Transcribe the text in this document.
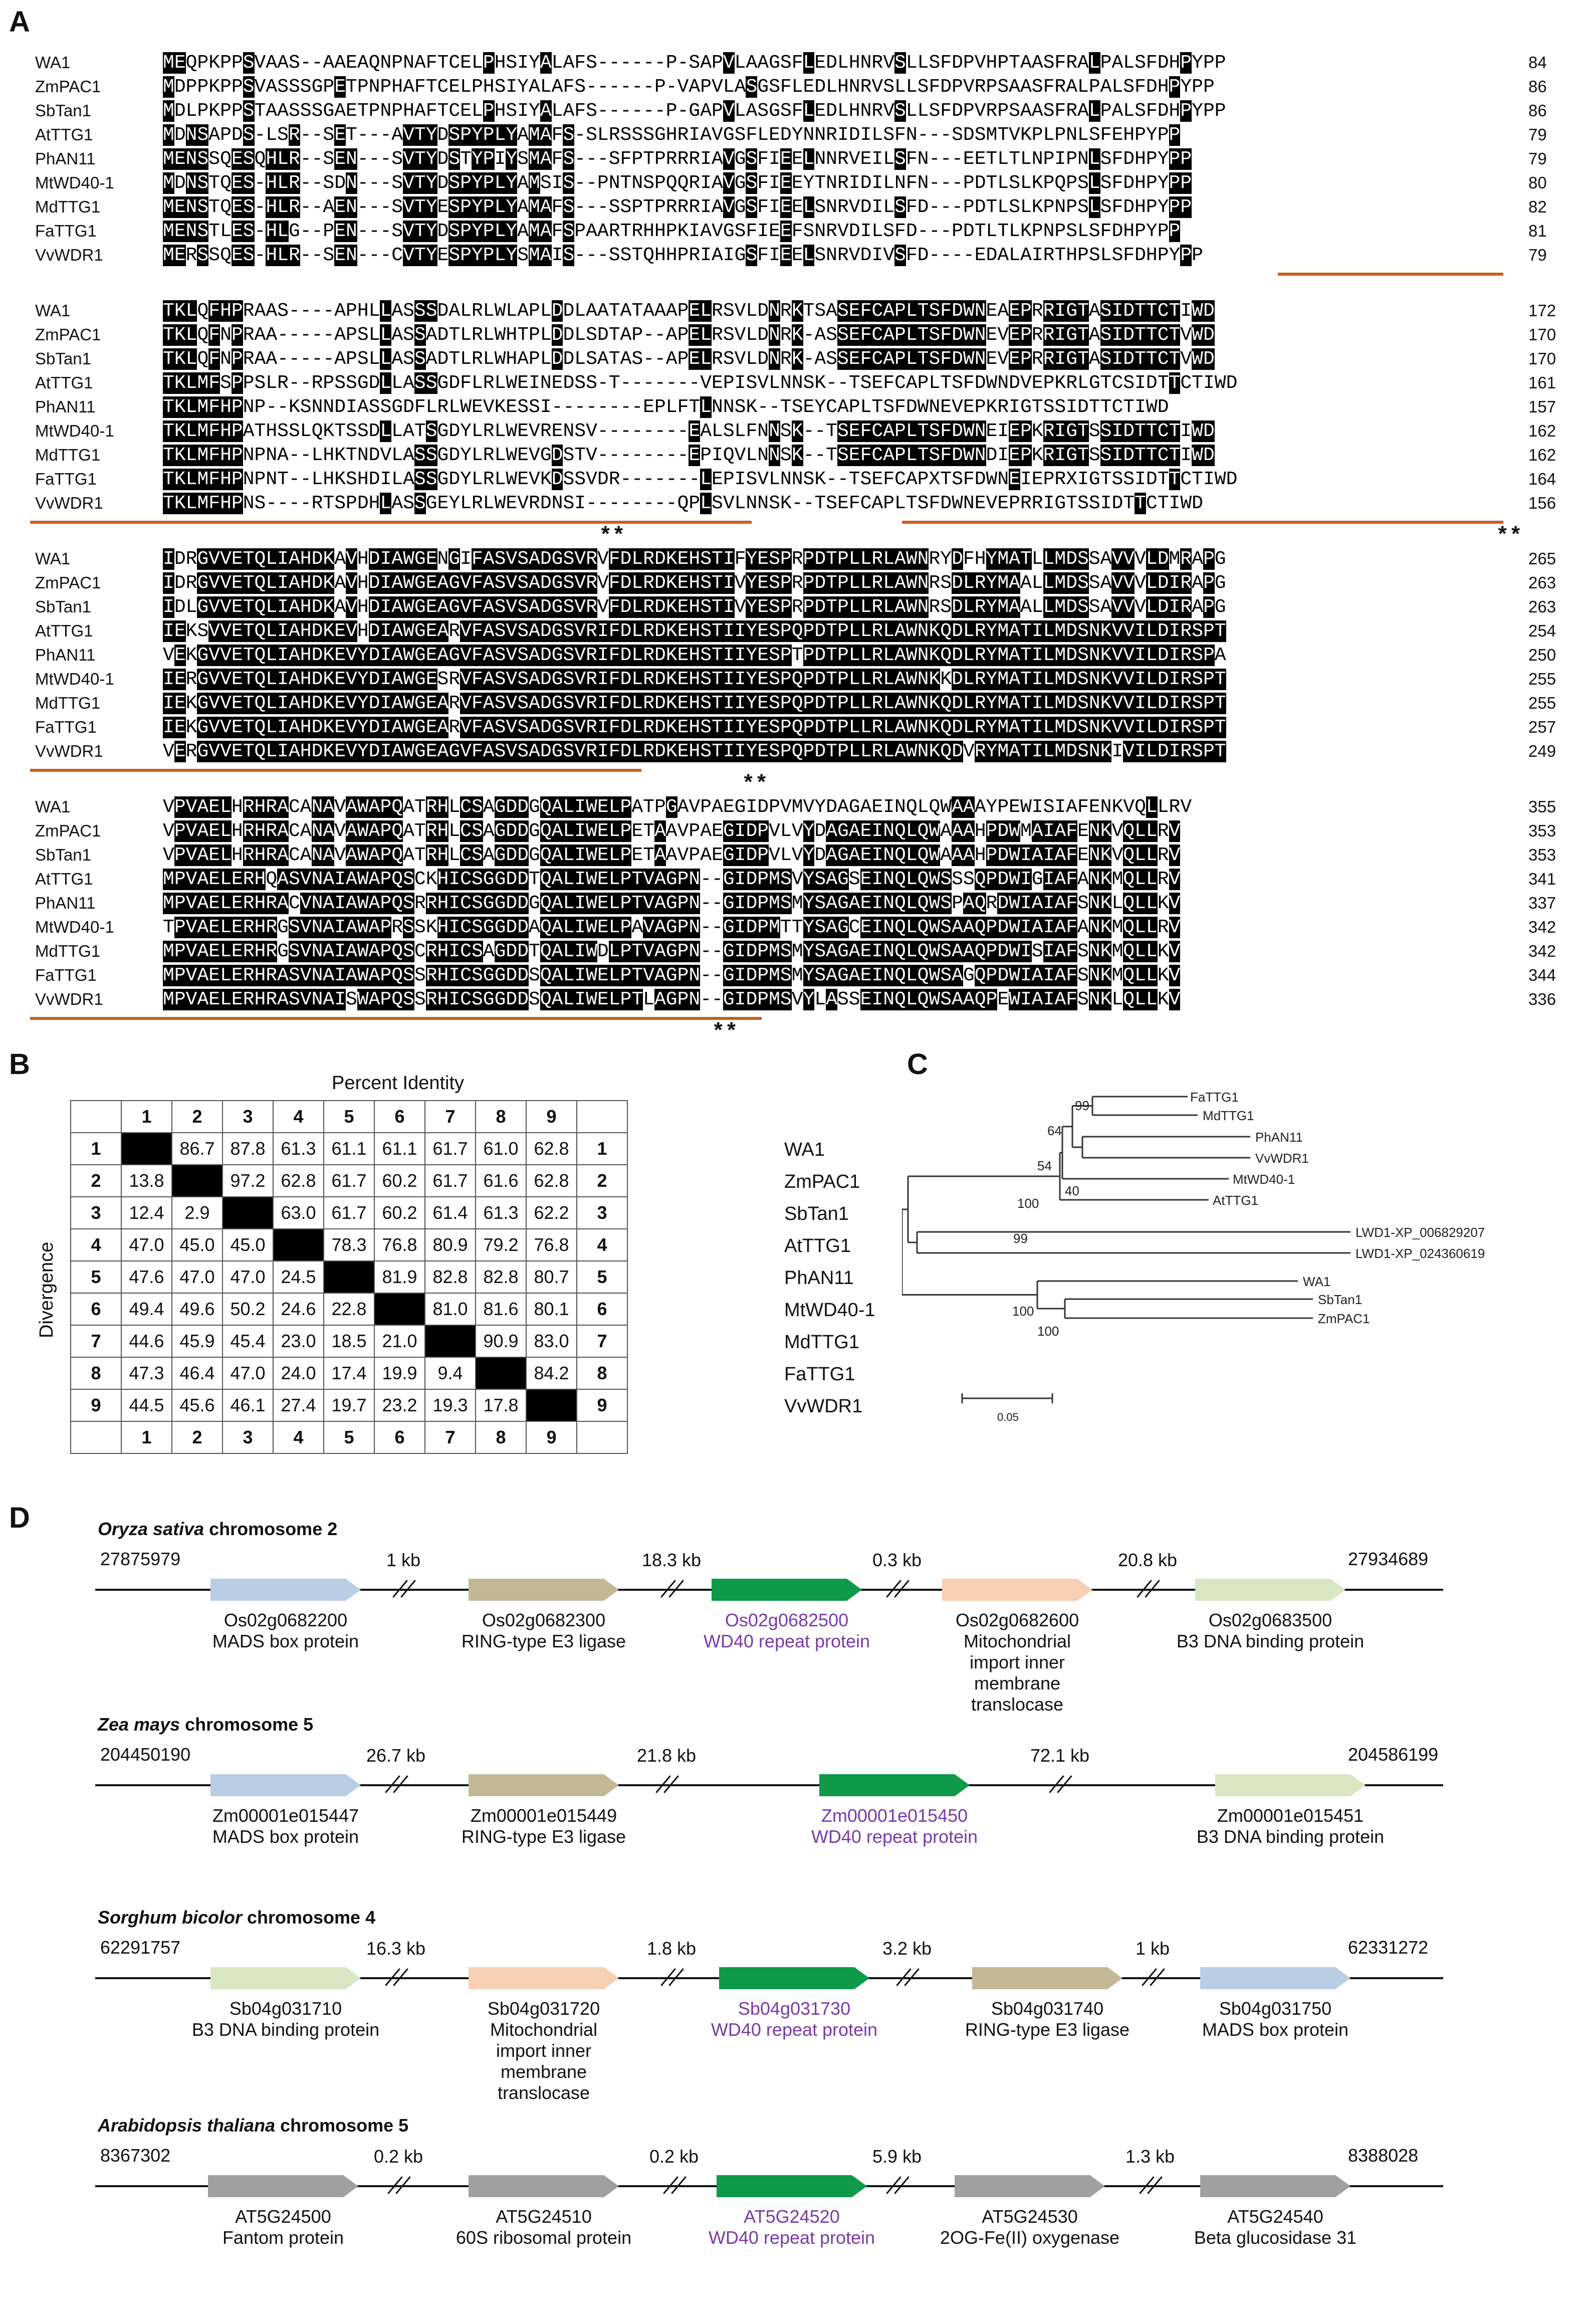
A
B	C
D
WA1	MEQPKPPSVAAS--AAEAQNPNAFTCELPHSIYALAFS------P-SAPVLAAGSFLEDLHNRVSLLSFDPVHPTAASFRALPALSFDHPYPP	84
ZmPAC1	MDPPKPPSVASSSGPETPNPHAFTCELPHSIYALAFS------P-VAPVLASGSFLEDLHNRVSLLSFDPVRPSAASFRALPALSFDHPYPP	86
SbTan1	MDLPKPPSTAASSSGAETPNPHAFTCELPHSIYALAFS------P-GAPVLASGSFLEDLHNRVSLLSFDPVRPSAASFRALPALSFDHPYPP	86
AtTTG1	MDNSAPDS-LSR--SET---AVTYDSPYPLYAMAFS-SLRSSSGHRIAVGSFLEDYNNRIDILSFN---SDSMTVKPLPNLSFEHPYPP	79
PhAN11	MENSSQESQHLR--SEN---SVTYDSTYPIYSMAFS---SFPTPRRRIAVGSFIEELNNRVEILSFN---EETLTLNPIPNLSFDHPYPP	79
MtWD40-1	MDNSTQES-HLR--SDN---SVTYDSPYPLYAMSIS--PNTNSPQQRIAVGSFIEEYTNRIDILNFN---PDTLSLKPQPSLSFDHPYPP	80
MdTTG1	MENSTQES-HLR--AEN---SVTYESPYPLYAMAFS---SSPTPRRRIAVGSFIEELSNRVDILSFD---PDTLSLKPNPSLSFDHPYPP	82
FaTTG1	MENSTLES-HLG--PEN---SVTYDSPYPLYAMAFSPAARTRHHPKIAVGSFIEEFSNRVDILSFD---PDTLTLKPNPSLSFDHPYPP	81
VvWDR1	MERSSQES-HLR--SEN---CVTYESPYPLYSMAIS---SSTQHHPRIAIGSFIEELSNRVDIVSFD----EDALAIRTHPSLSFDHPYPP	79
WA1	TKLQFHPRAAS----APHLLASSSDALRLWLAPLDDLAATATAAAPELRSVLDNRKTSASEFCAPLTSFDWNEAEPRRIGTASIDTTCTIWD	172
ZmPAC1	TKLQFNPRAA-----APSLLASSADTLRLWHTPLDDLSDTAP--APELRSVLDNRK-ASSEFCAPLTSFDWNEVEPRRIGTASIDTTCTVWD	170
SbTan1	TKLQFNPRAA-----APSLLASSADTLRLWHAPLDDLSATAS--APELRSVLDNRK-ASSEFCAPLTSFDWNEVEPRRIGTASIDTTCTVWD	170
AtTTG1	TKLMFSPPSLR--RPSSGDLLASSGDFLRLWEINEDSS-T-------VEPISVLNNSK--TSEFCAPLTSFDWNDVEPKRLGTCSIDTTCTIWD	161
PhAN11	TKLMFHPNP--KSNNDIASSGDFLRLWEVKESSI--------EPLFTLNNSK--TSEYCAPLTSFDWNEVEPKRIGTSSIDTTCTIWD	157
MtWD40-1	TKLMFHPATHSSLQKTSSDLLATSGDYLRLWEVRENSV--------EALSLFNNSK--TSEFCAPLTSFDWNEIEPKRIGTSSIDTTCTIWD	162
MdTTG1	TKLMFHPNPNA--LHKTNDVLASSGDYLRLWEVGDSTV--------EPIQVLNNSK--TSEFCAPLTSFDWNDIEPKRIGTSSIDTTCTIWD	162
FaTTG1	TKLMFHPNPNT--LHKSHDILASSGDYLRLWEVKDSSVDR-------LEPISVLNNSK--TSEFCAPXTSFDWNEIEPRXIGTSSIDTTCTIWD	164
VvWDR1	TKLMFHPNS----RTSPDHLASSGEYLRLWEVRDNSI--------QPLSVLNNSK--TSEFCAPLTSFDWNEVEPRRIGTSSIDTTCTIWD	156
WA1	IDRGVVETQLIAHDKAVHDIAWGENGIFASVSADGSVRVFDLRDKEHSTIFYESPRPDTPLLRLAWNRYDFHYMATLLMDSSAVVVLDMRAPG	265
ZmPAC1	IDRGVVETQLIAHDKAVHDIAWGEAGVFASVSADGSVRVFDLRDKEHSTIVYESPRPDTPLLRLAWNRSDLRYMAALLMDSSAVVVLDIRAPG	263
SbTan1	IDLGVVETQLIAHDKAVHDIAWGEAGVFASVSADGSVRVFDLRDKEHSTIVYESPRPDTPLLRLAWNRSDLRYMAALLMDSSAVVVLDIRAPG	263
AtTTG1	IEKSVVETQLIAHDKEVHDIAWGEARVFASVSADGSVRIFDLRDKEHSTIIYESPQPDTPLLRLAWNKQDLRYMATILMDSNKVVILDIRSPT	254
PhAN11	VEKGVVETQLIAHDKEVYDIAWGEAGVFASVSADGSVRIFDLRDKEHSTIIYESPTPDTPLLRLAWNKQDLRYMATILMDSNKVVILDIRSPA	250
MtWD40-1	IERGVVETQLIAHDKEVYDIAWGESRVFASVSADGSVRIFDLRDKEHSTIIYESPQPDTPLLRLAWNKKDLRYMATILMDSNKVVILDIRSPT	255
MdTTG1	IEKGVVETQLIAHDKEVYDIAWGEARVFASVSADGSVRIFDLRDKEHSTIIYESPQPDTPLLRLAWNKQDLRYMATILMDSNKVVILDIRSPT	255
FaTTG1	IEKGVVETQLIAHDKEVYDIAWGEARVFASVSADGSVRIFDLRDKEHSTIIYESPQPDTPLLRLAWNKQDLRYMATILMDSNKVVILDIRSPT	257
VvWDR1	VERGVVETQLIAHDKEVYDIAWGEAGVFASVSADGSVRIFDLRDKEHSTIIYESPQPDTPLLRLAWNKQDVRYMATILMDSNKIVILDIRSPT	249
WA1	VPVAELHRHRACANAVAWAPQATRHLCSAGDDGQALIWELPATPGAVPAEGIDPVMVYDAGAEINQLQWAAAYPEWISIAFENKVQLLRV	355
ZmPAC1	VPVAELHRHRACANAVAWAPQATRHLCSAGDDGQALIWELPETAAVPAEGIDPVLVYDAGAEINQLQWAAAHPDWMAIAFENKVQLLRV	353
SbTan1	VPVAELHRHRACANAVAWAPQATRHLCSAGDDGQALIWELPETAAVPAEGIDPVLVYDAGAEINQLQWAAAHPDWIAIAFENKVQLLRV	353
AtTTG1	MPVAELERHQASVNAIAWAPQSCKHICSGGDDTQALIWELPTVAGPN--GIDPMSVYSAGSEINQLQWSSSQPDWIGIAFANKMQLLRV	341
PhAN11	MPVAELERHRACVNAIAWAPQSRRHICSGGDDGQALIWELPTVAGPN--GIDPMSMYSAGAEINQLQWSPAQRDWIAIAFSNKLQLLKV	337
MtWD40-1	TPVAELERHRGSVNAIAWAPRSSKHICSGGDDAQALIWELPAVAGPN--GIDPMTTYSAGCEINQLQWSAAQPDWIAIAFANKMQLLRV	342
MdTTG1	MPVAELERHRGSVNAIAWAPQSCRHICSAGDDTQALIWDLPTVAGPN--GIDPMSMYSAGAEINQLQWSAAQPDWISIAFSNKMQLLKV	342
FaTTG1	MPVAELERHRASVNAIAWAPQSSRHICSGGDDSQALIWELPTVAGPN--GIDPMSMYSAGAEINQLQWSAGQPDWIAIAFSNKMQLLKV	344
VvWDR1	MPVAELERHRASVNAISWAPQSSRHICSGGDDSQALIWELPTLAGPN--GIDPMSVYLASSEINQLQWSAAQPEWIAIAFSNKLQLLKV	336
Percent Identity
Divergence
	1	2	3	4	5	6	7	8	9	
1		86.7	87.8	61.3	61.1	61.1	61.7	61.0	62.8	1
2	13.8		97.2	62.8	61.7	60.2	61.7	61.6	62.8	2
3	12.4	2.9		63.0	61.7	60.2	61.4	61.3	62.2	3
4	47.0	45.0	45.0		78.3	76.8	80.9	79.2	76.8	4
5	47.6	47.0	47.0	24.5		81.9	82.8	82.8	80.7	5
6	49.4	49.6	50.2	24.6	22.8		81.0	81.6	80.1	6
7	44.6	45.9	45.4	23.0	18.5	21.0		90.9	83.0	7
8	47.3	46.4	47.0	24.0	17.4	19.9	9.4		84.2	8
9	44.5	45.6	46.1	27.4	19.7	23.2	19.3	17.8		9
	1	2	3	4	5	6	7	8	9	
WA1
ZmPAC1
SbTan1
AtTTG1
PhAN11
MtWD40-1
MdTTG1
FaTTG1
VvWDR1
FaTTG1
MdTTG1
PhAN11
VvWDR1
MtWD40-1
AtTTG1
LWD1-XP_006829207
LWD1-XP_024360619
WA1
SbTan1
ZmPAC1
99
64
54
40
100
99
100
100
0.05
Oryza sativa chromosome 2
27875979	27934689
Os02g0682200
MADS box protein
Os02g0682300
RING-type E3 ligase
Os02g0682500
WD40 repeat protein
Os02g0682600
Mitochondrial import inner membrane translocase
Os02g0683500
B3 DNA binding protein
1 kb	18.3 kb	0.3 kb	20.8 kb
Zea mays chromosome 5
204450190	204586199
Zm00001e015447
MADS box protein
Zm00001e015449
RING-type E3 ligase
Zm00001e015450
WD40 repeat protein
Zm00001e015451
B3 DNA binding protein
26.7 kb	21.8 kb	72.1 kb
Sorghum bicolor chromosome 4
62291757	62331272
Sb04g031710
B3 DNA binding protein
Sb04g031720
Mitochondrial import inner membrane translocase
Sb04g031730
WD40 repeat protein
Sb04g031740
RING-type E3 ligase
Sb04g031750
MADS box protein
16.3 kb	1.8 kb	3.2 kb	1 kb
Arabidopsis thaliana chromosome 5
8367302	8388028
AT5G24500
Fantom protein
AT5G24510
60S ribosomal protein
AT5G24520
WD40 repeat protein
AT5G24530
2OG-Fe(II) oxygenase
AT5G24540
Beta glucosidase 31
0.2 kb	0.2 kb	5.9 kb	1.3 kb
**	**
**
**
